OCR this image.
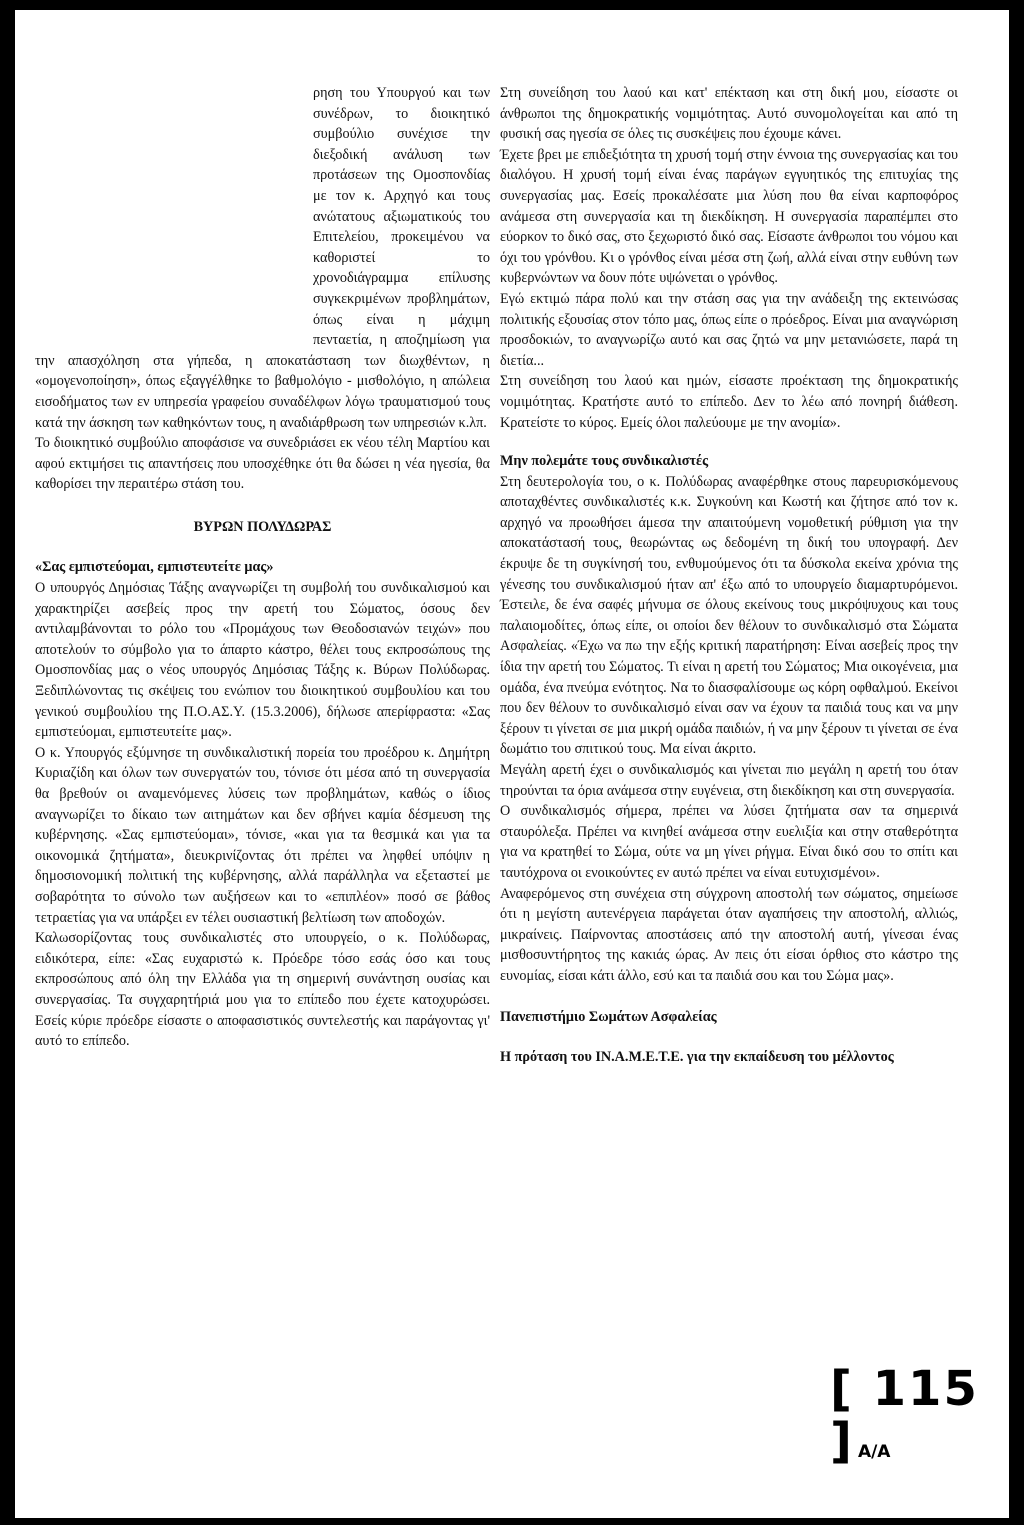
ρηση του Υπουργού και των συνέδρων, το διοικητικό συμβούλιο συνέχισε την διεξοδική ανάλυση των προτάσεων της Ομοσπονδίας με τον κ. Αρχηγό και τους ανώτατους αξιωματικούς του Επιτελείου, προκειμένου να καθοριστεί το χρονοδιάγραμμα επίλυσης συγκεκριμένων προβλημάτων, όπως είναι η μάχιμη πενταετία, η αποζημίωση για την απασχόληση στα γήπεδα, η αποκατάσταση των διωχθέντων, η «ομογενοποίηση», όπως εξαγγέλθηκε το βαθμολόγιο - μισθολόγιο, η απώλεια εισοδήματος των εν υπηρεσία γραφείου συναδέλφων λόγω τραυματισμού τους κατά την άσκηση των καθηκόντων τους, η αναδιάρθρωση των υπηρεσιών κ.λπ.

Το διοικητικό συμβούλιο αποφάσισε να συνεδριάσει εκ νέου τέλη Μαρτίου και αφού εκτιμήσει τις απαντήσεις που υποσχέθηκε ότι θα δώσει η νέα ηγεσία, θα καθορίσει την περαιτέρω στάση του.

ΒΥΡΩΝ ΠΟΛΥΔΩΡΑΣ

«Σας εμπιστεύομαι, εμπιστευτείτε μας»

Ο υπουργός Δημόσιας Τάξης αναγνωρίζει τη συμβολή του συνδικαλισμού και χαρακτηρίζει ασεβείς προς την αρετή του Σώματος, όσους δεν αντιλαμβάνονται το ρόλο του «Προμάχους των Θεοδοσιανών τειχών» που αποτελούν το σύμβολο για το άπαρτο κάστρο, θέλει τους εκπροσώπους της Ομοσπονδίας μας ο νέος υπουργός Δημόσιας Τάξης κ. Βύρων Πολύδωρας. Ξεδιπλώνοντας τις σκέψεις του ενώπιον του διοικητικού συμβουλίου και του γενικού συμβουλίου της Π.Ο.ΑΣ.Υ. (15.3.2006), δήλωσε απερίφραστα: «Σας εμπιστεύομαι, εμπιστευτείτε μας».

Ο κ. Υπουργός εξύμνησε τη συνδικαλιστική πορεία του προέδρου κ. Δημήτρη Κυριαζίδη και όλων των συνεργατών του, τόνισε ότι μέσα από τη συνεργασία θα βρεθούν οι αναμενόμενες λύσεις των προβλημάτων, καθώς ο ίδιος αναγνωρίζει το δίκαιο των αιτημάτων και δεν σβήνει καμία δέσμευση της κυβέρνησης. «Σας εμπιστεύομαι», τόνισε, «και για τα θεσμικά και για τα οικονομικά ζητήματα», διευκρινίζοντας ότι πρέπει να ληφθεί υπόψιν η δημοσιονομική πολιτική της κυβέρνησης, αλλά παράλληλα να εξεταστεί με σοβαρότητα το σύνολο των αυξήσεων και το «επιπλέον» ποσό σε βάθος τετραετίας για να υπάρξει εν τέλει ουσιαστική βελτίωση των αποδοχών.

Καλωσορίζοντας τους συνδικαλιστές στο υπουργείο, ο κ. Πολύδωρας, ειδικότερα, είπε: «Σας ευχαριστώ κ. Πρόεδρε τόσο εσάς όσο και τους εκπροσώπους από όλη την Ελλάδα για τη σημερινή συνάντηση ουσίας και συνεργασίας. Τα συγχαρητήριά μου για το επίπεδο που έχετε κατοχυρώσει. Εσείς κύριε πρόεδρε είσαστε ο αποφασιστικός συντελεστής και παράγοντας γι' αυτό το επίπεδο.

Στη συνείδηση του λαού και κατ' επέκταση και στη δική μου, είσαστε οι άνθρωποι της δημοκρατικής νομιμότητας. Αυτό συνομολογείται και από τη φυσική σας ηγεσία σε όλες τις συσκέψεις που έχουμε κάνει.

Έχετε βρει με επιδεξιότητα τη χρυσή τομή στην έννοια της συνεργασίας και του διαλόγου. Η χρυσή τομή είναι ένας παράγων εγγυητικός της επιτυχίας της συνεργασίας μας. Εσείς προκαλέσατε μια λύση που θα είναι καρποφόρος ανάμεσα στη συνεργασία και τη διεκδίκηση. Η συνεργασία παραπέμπει στο εύορκον το δικό σας, στο ξεχωριστό δικό σας. Είσαστε άνθρωποι του νόμου και όχι του γρόνθου. Κι ο γρόνθος είναι μέσα στη ζωή, αλλά είναι στην ευθύνη των κυβερνώντων να δουν πότε υψώνεται ο γρόνθος.

Εγώ εκτιμώ πάρα πολύ και την στάση σας για την ανάδειξη της εκτεινώσας πολιτικής εξουσίας στον τόπο μας, όπως είπε ο πρόεδρος. Είναι μια αναγνώριση προσδοκιών, το αναγνωρίζω αυτό και σας ζητώ να μην μετανιώσετε, παρά τη διετία...

Στη συνείδηση του λαού και ημών, είσαστε προέκταση της δημοκρατικής νομιμότητας. Κρατήστε αυτό το επίπεδο. Δεν το λέω από πονηρή διάθεση. Κρατείστε το κύρος. Εμείς όλοι παλεύουμε με την ανομία».

Μην πολεμάτε τους συνδικαλιστές

Στη δευτερολογία του, ο κ. Πολύδωρας αναφέρθηκε στους παρευρισκόμενους αποταχθέντες συνδικαλιστές κ.κ. Συγκούνη και Κωστή και ζήτησε από τον κ. αρχηγό να προωθήσει άμεσα την απαιτούμενη νομοθετική ρύθμιση για την αποκατάστασή τους, θεωρώντας ως δεδομένη τη δική του υπογραφή. Δεν έκρυψε δε τη συγκίνησή του, ενθυμούμενος ότι τα δύσκολα εκείνα χρόνια της γένεσης του συνδικαλισμού ήταν απ' έξω από το υπουργείο διαμαρτυρόμενοι. Έστειλε, δε ένα σαφές μήνυμα σε όλους εκείνους τους μικρόψυχους και τους παλαιομοδίτες, όπως είπε, οι οποίοι δεν θέλουν το συνδικαλισμό στα Σώματα Ασφαλείας. «Έχω να πω την εξής κριτική παρατήρηση: Είναι ασεβείς προς την ίδια την αρετή του Σώματος. Τι είναι η αρετή του Σώματος; Μια οικογένεια, μια ομάδα, ένα πνεύμα ενότητος. Να το διασφαλίσουμε ως κόρη οφθαλμού. Εκείνοι που δεν θέλουν το συνδικαλισμό είναι σαν να έχουν τα παιδιά τους και να μην ξέρουν τι γίνεται σε μια μικρή ομάδα παιδιών, ή να μην ξέρουν τι γίνεται σε ένα δωμάτιο του σπιτικού τους. Μα είναι άκριτο.

Μεγάλη αρετή έχει ο συνδικαλισμός και γίνεται πιο μεγάλη η αρετή του όταν τηρούνται τα όρια ανάμεσα στην ευγένεια, στη διεκδίκηση και στη συνεργασία.

Ο συνδικαλισμός σήμερα, πρέπει να λύσει ζητήματα σαν τα σημερινά σταυρόλεξα. Πρέπει να κινηθεί ανάμεσα στην ευελιξία και στην σταθερότητα για να κρατηθεί το Σώμα, ούτε να μη γίνει ρήγμα. Είναι δικό σου το σπίτι και ταυτόχρονα οι ενοικούντες εν αυτώ πρέπει να είναι ευτυχισμένοι».

Αναφερόμενος στη συνέχεια στη σύγχρονη αποστολή των σώματος, σημείωσε ότι η μεγίστη αυτενέργεια παράγεται όταν αγαπήσεις την αποστολή, αλλιώς, μικραίνεις. Παίρνοντας αποστάσεις από την αποστολή αυτή, γίνεσαι ένας μισθοσυντήρητος της κακιάς ώρας. Αν πεις ότι είσαι όρθιος στο κάστρο της ευνομίας, είσαι κάτι άλλο, εσύ και τα παιδιά σου και του Σώμα μας».

Πανεπιστήμιο Σωμάτων Ασφαλείας

Η πρόταση του ΙΝ.Α.Μ.Ε.Τ.Ε. για την εκπαίδευση του μέλλοντος

[ 115 ] Α/Α
